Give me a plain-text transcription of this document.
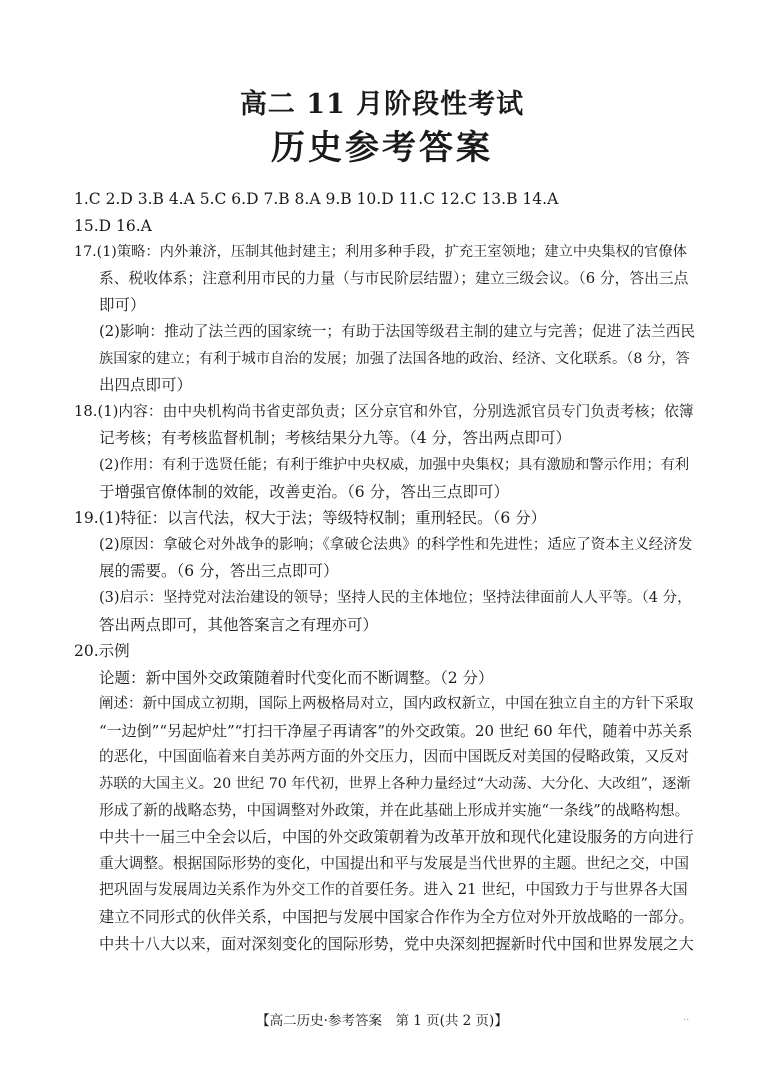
高二 11 月阶段性考试
历史参考答案
1.C 2.D 3.B 4.A 5.C 6.D 7.B 8.A 9.B 10.D 11.C 12.C 13.B 14.A
15.D 16.A
17.(1)策略：内外兼济，压制其他封建主；利用多种手段，扩充王室领地；建立中央集权的官僚体
系、税收体系；注意利用市民的力量（与市民阶层结盟）；建立三级会议。（6 分，答出三点
即可）
(2)影响：推动了法兰西的国家统一；有助于法国等级君主制的建立与完善；促进了法兰西民
族国家的建立；有利于城市自治的发展；加强了法国各地的政治、经济、文化联系。（8 分，答
出四点即可）
18.(1)内容：由中央机构尚书省吏部负责；区分京官和外官，分别选派官员专门负责考核；依簿
记考核；有考核监督机制；考核结果分九等。（4 分，答出两点即可）
(2)作用：有利于选贤任能；有利于维护中央权威，加强中央集权；具有激励和警示作用；有利
于增强官僚体制的效能，改善吏治。（6 分，答出三点即可）
19.(1)特征：以言代法，权大于法；等级特权制；重刑轻民。（6 分）
(2)原因：拿破仑对外战争的影响；《拿破仑法典》的科学性和先进性；适应了资本主义经济发
展的需要。（6 分，答出三点即可）
(3)启示：坚持党对法治建设的领导；坚持人民的主体地位；坚持法律面前人人平等。（4 分，
答出两点即可，其他答案言之有理亦可）
20.示例
论题：新中国外交政策随着时代变化而不断调整。（2 分）
阐述：新中国成立初期，国际上两极格局对立，国内政权新立，中国在独立自主的方针下采取
“一边倒”“另起炉灶”“打扫干净屋子再请客”的外交政策。20 世纪 60 年代，随着中苏关系
的恶化，中国面临着来自美苏两方面的外交压力，因而中国既反对美国的侵略政策，又反对
苏联的大国主义。20 世纪 70 年代初，世界上各种力量经过“大动荡、大分化、大改组”，逐渐
形成了新的战略态势，中国调整对外政策，并在此基础上形成并实施“一条线”的战略构想。
中共十一届三中全会以后，中国的外交政策朝着为改革开放和现代化建设服务的方向进行
重大调整。根据国际形势的变化，中国提出和平与发展是当代世界的主题。世纪之交，中国
把巩固与发展周边关系作为外交工作的首要任务。进入 21 世纪，中国致力于与世界各大国
建立不同形式的伙伴关系，中国把与发展中国家合作作为全方位对外开放战略的一部分。
中共十八大以来，面对深刻变化的国际形势，党中央深刻把握新时代中国和世界发展之大
【高二历史·参考答案　第 1 页(共 2 页)】	..
